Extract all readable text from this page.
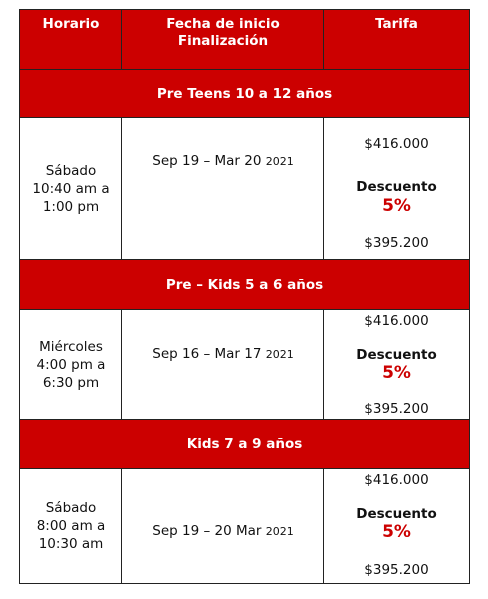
Horario	Fecha de inicio
Finalización
Tarifa
Pre Teens 10 a 12 años
Sábado
10:40 am a
1:00 pm
Sep 19 – Mar 20 2021
$416.000
Descuento
5%
$395.200
Pre – Kids 5 a 6 años
Miércoles
4:00 pm a
6:30 pm
Sep 16 – Mar 17 2021
$416.000
Descuento
5%
$395.200
Kids 7 a 9 años
Sábado
8:00 am a
10:30 am
Sep 19 – 20 Mar 2021
$416.000
Descuento
5%
$395.200
